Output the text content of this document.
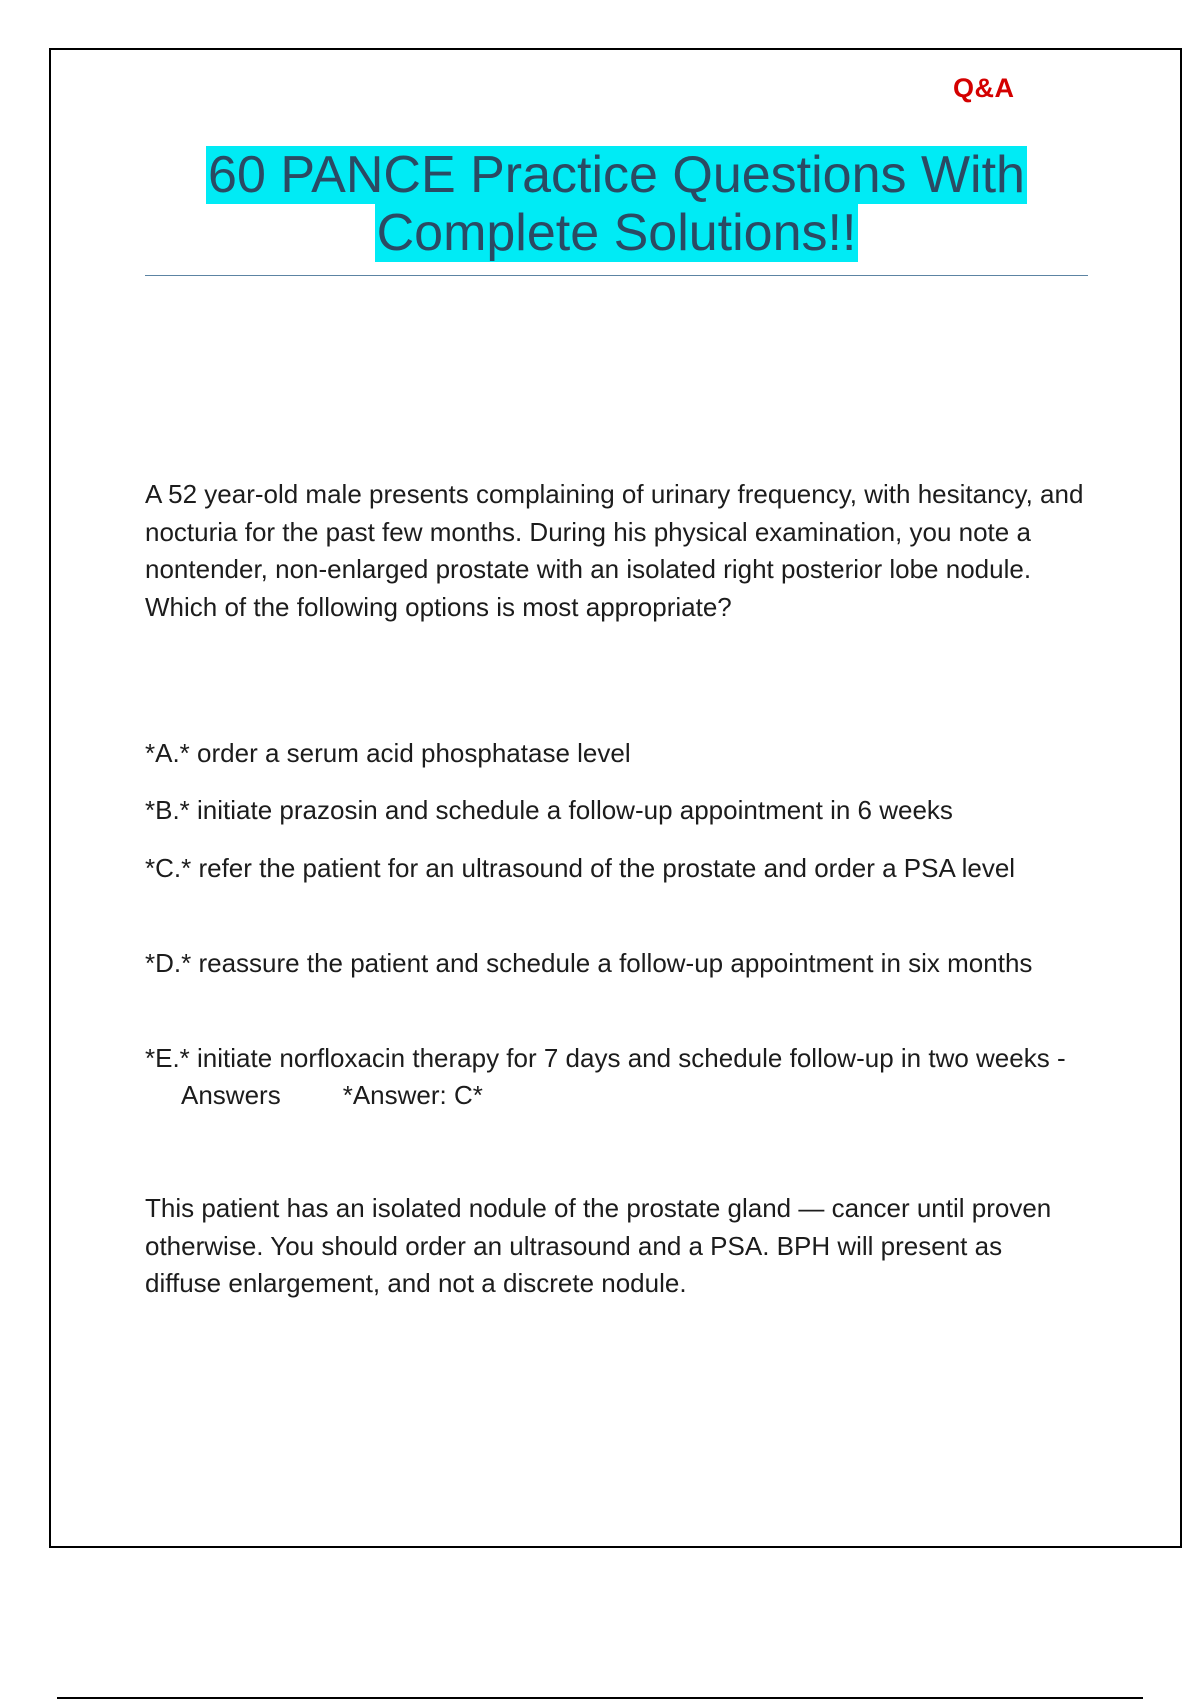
Q&A
60 PANCE Practice Questions With
Complete Solutions!!
A 52 year-old male presents complaining of urinary frequency, with hesitancy, and nocturia for the past few months. During his physical examination, you note a nontender, non-enlarged prostate with an isolated right posterior lobe nodule. Which of the following options is most appropriate?
*A.* order a serum acid phosphatase level
*B.* initiate prazosin and schedule a follow-up appointment in 6 weeks
*C.* refer the patient for an ultrasound of the prostate and order a PSA level
*D.* reassure the patient and schedule a follow-up appointment in six months
*E.* initiate norfloxacin therapy for 7 days and schedule follow-up in two weeks -Answers *Answer: C*
This patient has an isolated nodule of the prostate gland — cancer until proven otherwise. You should order an ultrasound and a PSA. BPH will present as diffuse enlargement, and not a discrete nodule.
